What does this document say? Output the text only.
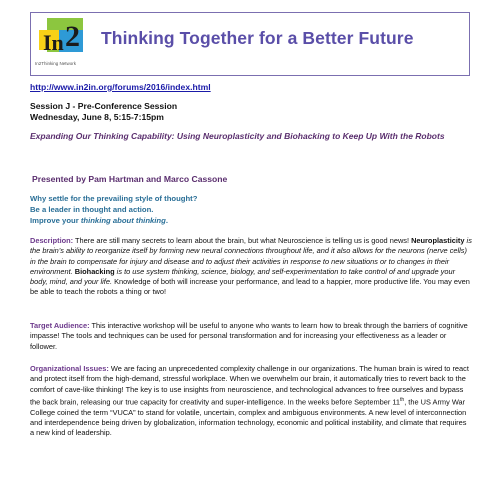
In 2
In2Thinking Network
Thinking Together for a Better Future
http://www.in2in.org/forums/2016/index.html
Session J - Pre-Conference Session
Wednesday, June 8, 5:15-7:15pm
Expanding Our Thinking Capability: Using Neuroplasticity and Biohacking to Keep Up With the Robots
Presented by Pam Hartman and Marco Cassone
Why settle for the prevailing style of thought?
Be a leader in thought and action.
Improve your thinking about thinking.
Description: There are still many secrets to learn about the brain, but what Neuroscience is telling us is good news! Neuroplasticity is the brain’s ability to reorganize itself by forming new neural connections throughout life, and it also allows for the neurons (nerve cells) in the brain to compensate for injury and disease and to adjust their activities in response to new situations or to changes in their environment. Biohacking is to use system thinking, science, biology, and self-experimentation to take control of and upgrade your body, mind, and your life. Knowledge of both will increase your performance, and lead to a happier, more productive life. You may even be able to teach the robots a thing or two!
Target Audience: This interactive workshop will be useful to anyone who wants to learn how to break through the barriers of cognitive impasse! The tools and techniques can be used for personal transformation and for increasing your effectiveness as a leader or follower.
Organizational Issues: We are facing an unprecedented complexity challenge in our organizations. The human brain is wired to react and protect itself from the high-demand, stressful workplace. When we overwhelm our brain, it automatically tries to revert back to the comfort of cave-like thinking! The key is to use insights from neuroscience, and technological advances to free ourselves and bypass the back brain, releasing our true capacity for creativity and super-intelligence. In the weeks before September 11th, the US Army War College coined the term “VUCA” to stand for volatile, uncertain, complex and ambiguous environments. A new level of interconnection and interdependence being driven by globalization, information technology, economic and political instability, and climate that requires a new kind of leadership.
